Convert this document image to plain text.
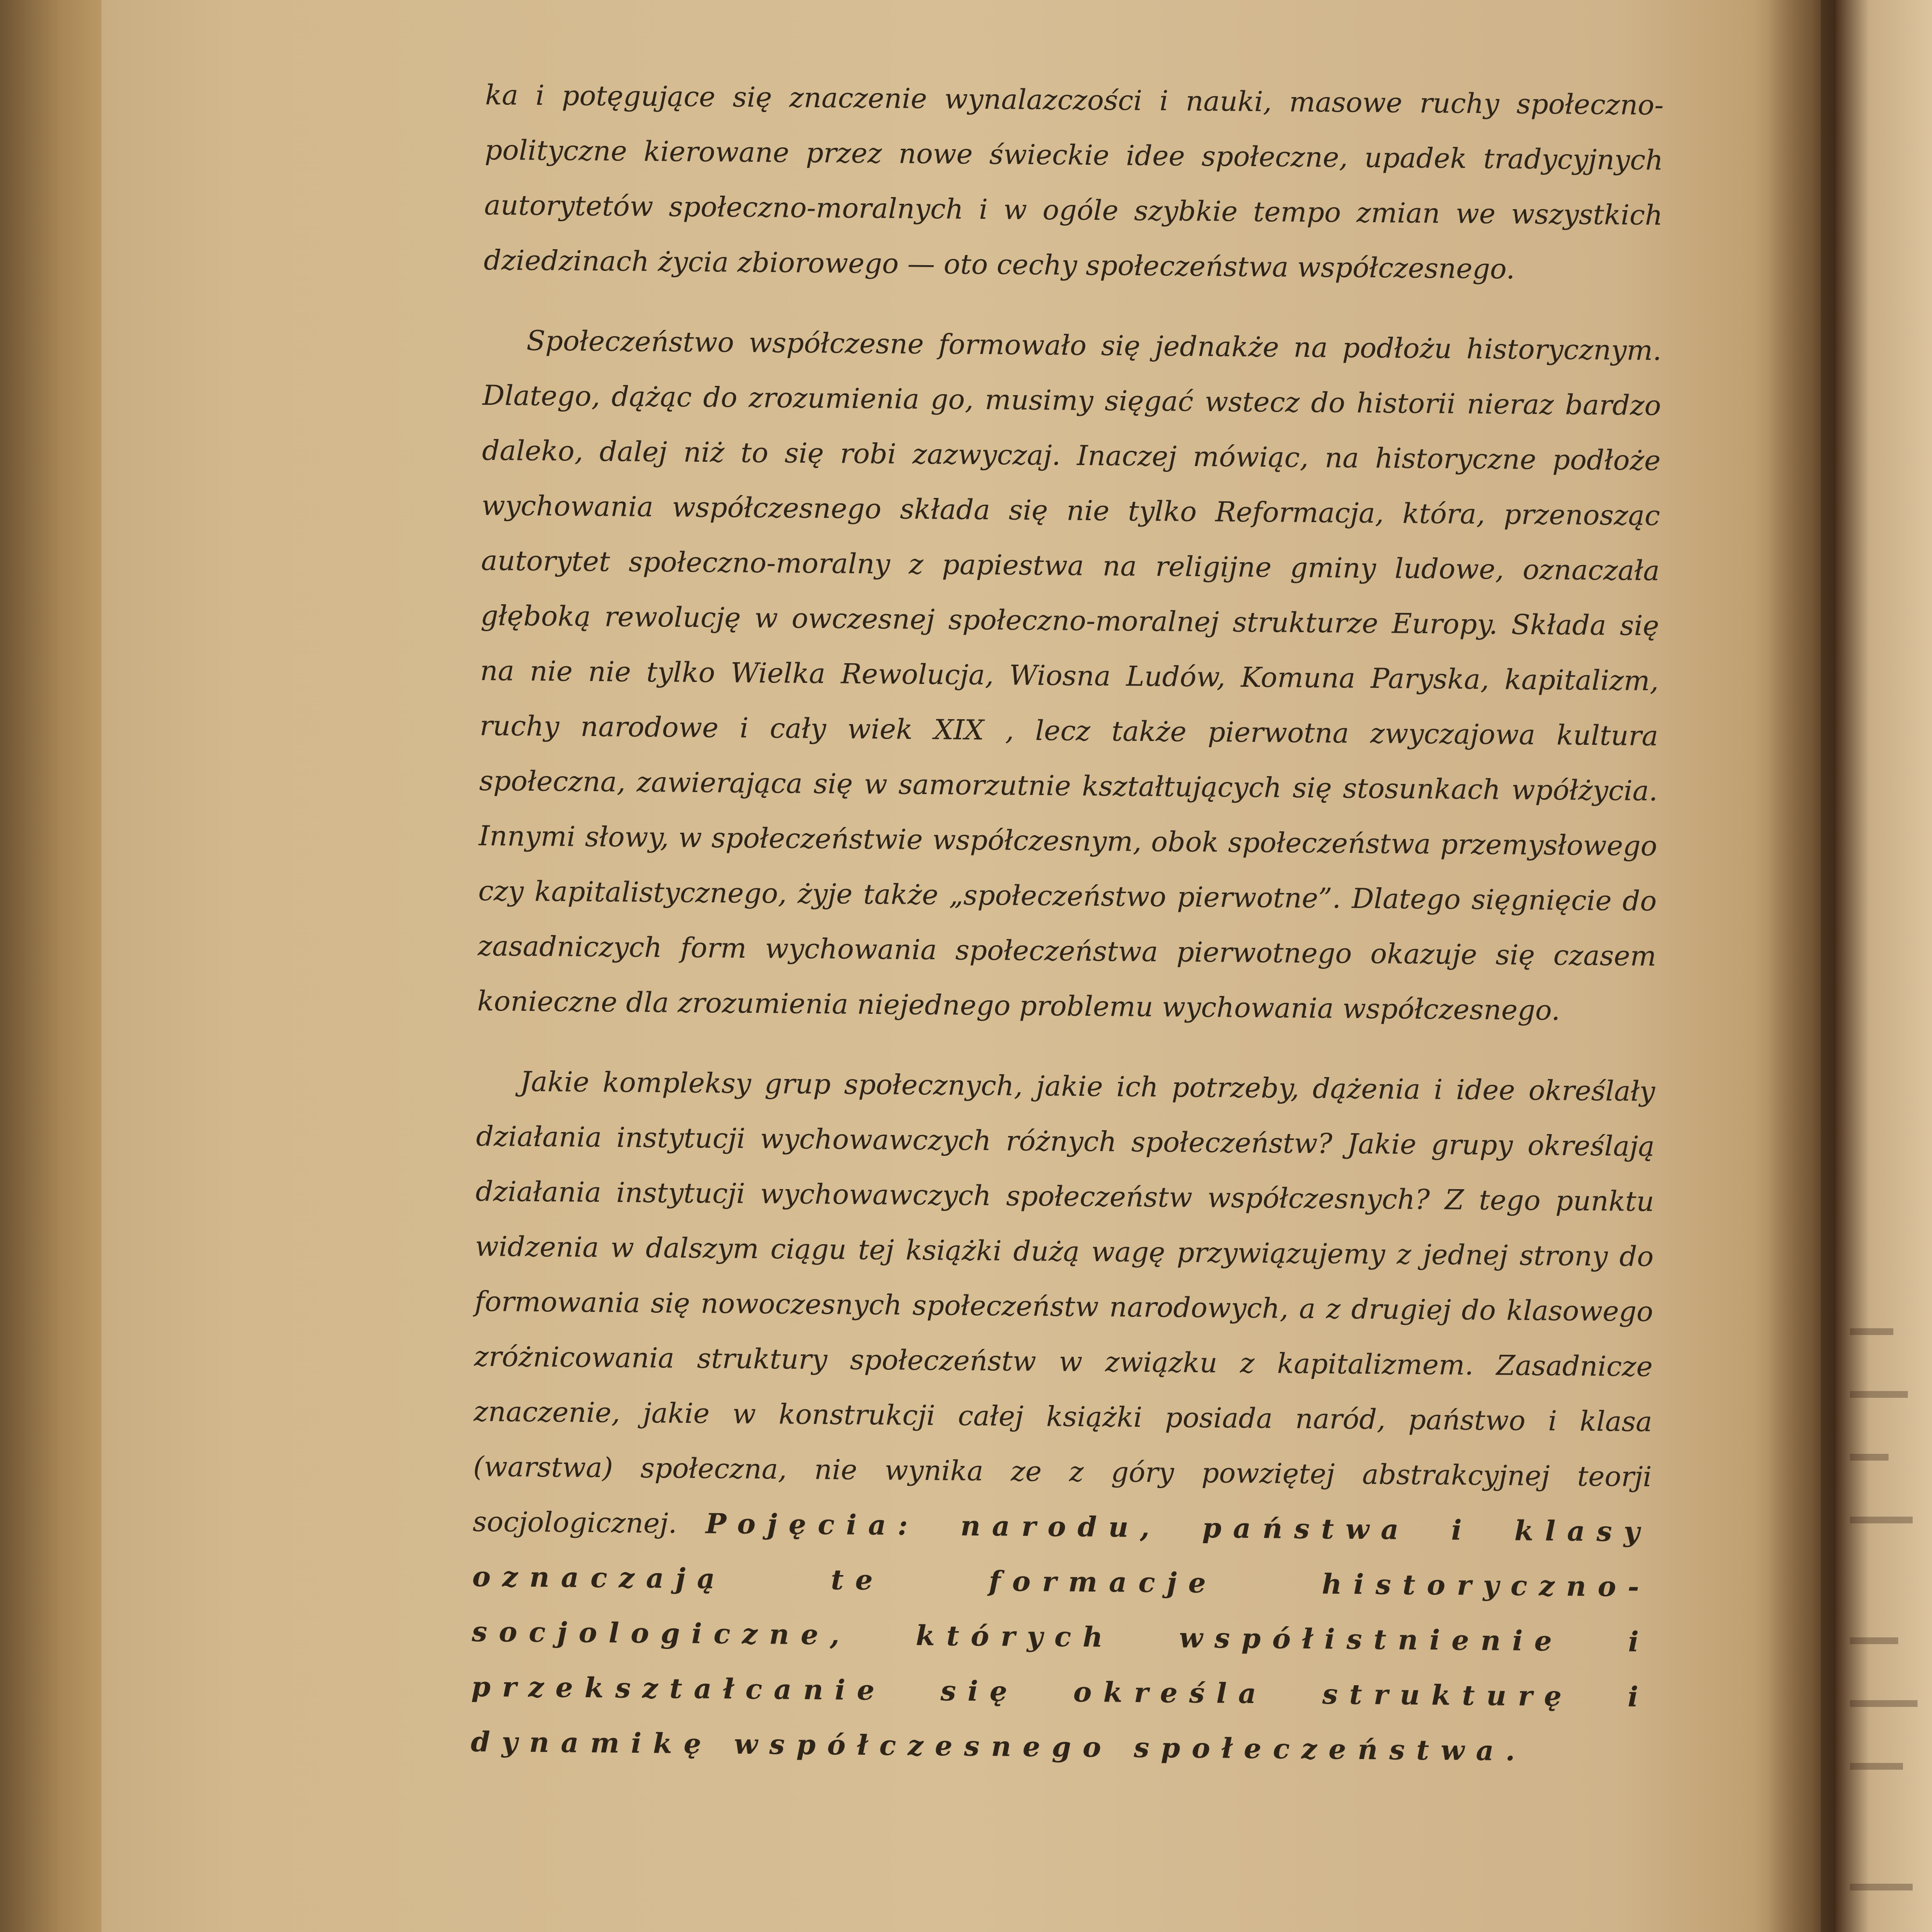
ka i potęgujące się znaczenie wynalazczości i nauki, masowe ruchy społeczno-polityczne kierowane przez nowe świeckie idee społeczne, upadek tradycyjnych autorytetów społeczno-moralnych i w ogóle szybkie tempo zmian we wszystkich dziedzinach życia zbiorowego — oto cechy społeczeństwa współczesnego.

Społeczeństwo współczesne formowało się jednakże na podłożu historycznym. Dlatego, dążąc do zrozumienia go, musimy sięgać wstecz do historii nieraz bardzo daleko, dalej niż to się robi zazwyczaj. Inaczej mówiąc, na historyczne podłoże wychowania współczesnego składa się nie tylko Reformacja, która, przenosząc autorytet społeczno-moralny z papiestwa na religijne gminy ludowe, oznaczała głęboką rewolucję w owczesnej społeczno-moralnej strukturze Europy. Składa się na nie nie tylko Wielka Rewolucja, Wiosna Ludów, Komuna Paryska, kapitalizm, ruchy narodowe i cały wiek XIX , lecz także pierwotna zwyczajowa kultura społeczna, zawierająca się w samorzutnie kształtujących się stosunkach wpółżycia. Innymi słowy, w społeczeństwie współczesnym, obok społeczeństwa przemysłowego czy kapitalistycznego, żyje także „społeczeństwo pierwotne”. Dlatego sięgnięcie do zasadniczych form wychowania społeczeństwa pierwotnego okazuje się czasem konieczne dla zrozumienia niejednego problemu wychowania współczesnego.

Jakie kompleksy grup społecznych, jakie ich potrzeby, dążenia i idee określały działania instytucji wychowawczych różnych społeczeństw? Jakie grupy określają działania instytucji wychowawczych społeczeństw współczesnych? Z tego punktu widzenia w dalszym ciągu tej książki dużą wagę przywiązujemy z jednej strony do formowania się nowoczesnych społeczeństw narodowych, a z drugiej do klasowego zróżnicowania struktury społeczeństw w związku z kapitalizmem. Zasadnicze znaczenie, jakie w konstrukcji całej książki posiada naród, państwo i klasa (warstwa) społeczna, nie wynika ze z góry powziętej abstrakcyjnej teorji socjologicznej. Pojęcia: narodu, państwa i klasy oznaczają te formacje historyczno-socjologiczne, których współistnienie i przekształcanie się określa strukturę i dynamikę współczesnego społeczeństwa.
